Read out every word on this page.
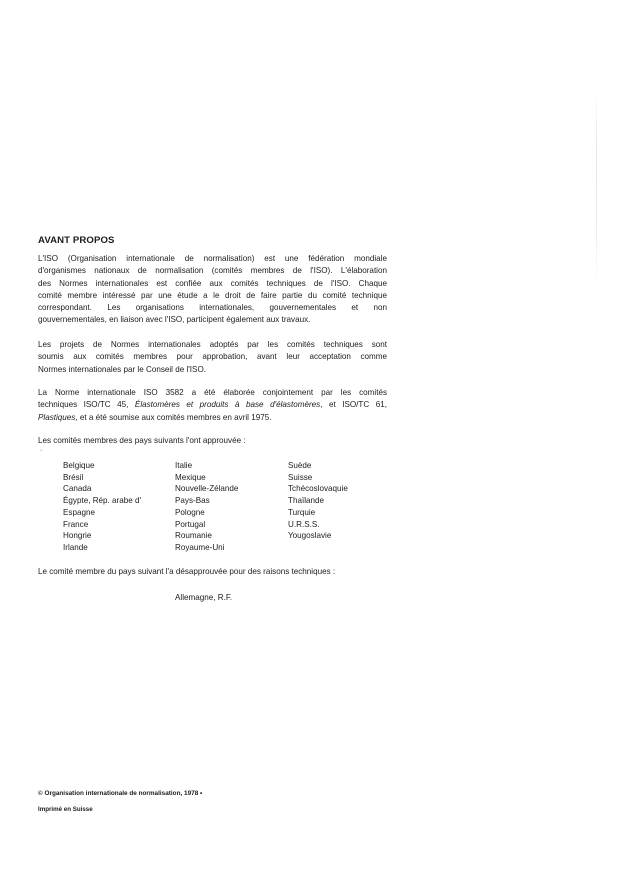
AVANT PROPOS
L'ISO (Organisation internationale de normalisation) est une fédération mondiale
d'organismes nationaux de normalisation (comités membres de l'ISO). L'élaboration
des Normes internationales est confiée aux comités techniques de l'ISO. Chaque
comité membre intéressé par une étude a le droit de faire partie du comité technique
correspondant. Les organisations internationales, gouvernementales et non
gouvernementales, en liaison avec l'ISO, participent également aux travaux.
Les projets de Normes internationales adoptés par les comités techniques sont
soumis aux comités membres pour approbation, avant leur acceptation comme
Normes internationales par le Conseil de l'ISO.
La Norme internationale ISO 3582 a été élaborée conjointement par les comités
techniques ISO/TC 45, Élastomères et produits à base d'élastomères, et ISO/TC 61,
Plastiques, et a été soumise aux comités membres en avril 1975.
Les comités membres des pays suivants l'ont approuvée :
·
Belgique
Brésil
Canada
Égypte, Rép. arabe d'
Espagne
France
Hongrie
Irlande
Italie
Mexique
Nouvelle-Zélande
Pays-Bas
Pologne
Portugal
Roumanie
Royaume-Uni
Suède
Suisse
Tchécoslovaquie
Thaïlande
Turquie
U.R.S.S.
Yougoslavie
Le comité membre du pays suivant l'a désapprouvée pour des raisons techniques :
Allemagne, R.F.
© Organisation internationale de normalisation, 1978 •
Imprimé en Suisse
